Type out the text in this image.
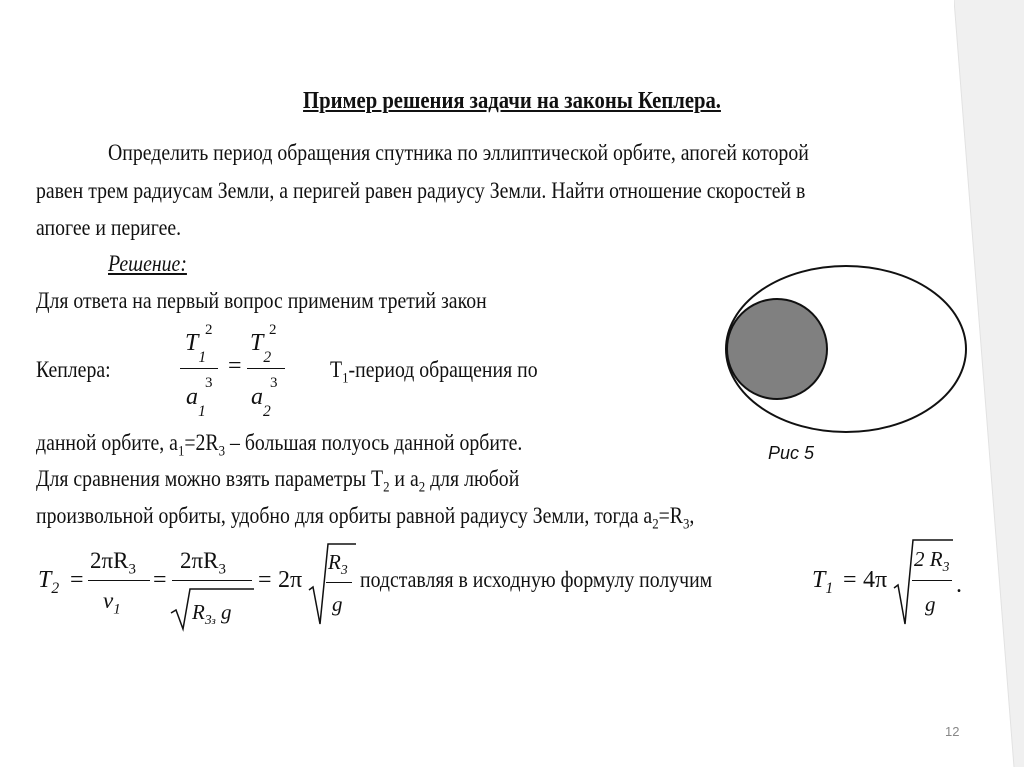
Пример решения задачи на законы Кеплера.
Определить период обращения спутника по эллиптической орбите, апогей которой
равен трем радиусам Земли, а перигей равен радиусу Земли. Найти отношение скоростей в
апогее и перигее.
Решение:
Для ответа на первый вопрос применим третий закон
Кеплера:
$T_1$
2
$a_1$
3
=
$T_2$
2
$a_2$
3
$T_1$-период обращения по
данной орбите, $a_1=2R_3$ – большая полуось данной орбите.
Для сравнения можно взять параметры $T_2$ и $a_2$ для любой
произвольной орбиты, удобно для орбиты равной радиусу Земли, тогда $a_2=R_3$,
$T_2$ =
$2\pi R_3$
$v_1$
=
$2\pi R_3$
$R_{3з}$ g
= 2π
$R_3$
g
подставляя в исходную формулу получим	$T_1 = 4\pi$
2 $R_3$
g
.
Рис 5
12
